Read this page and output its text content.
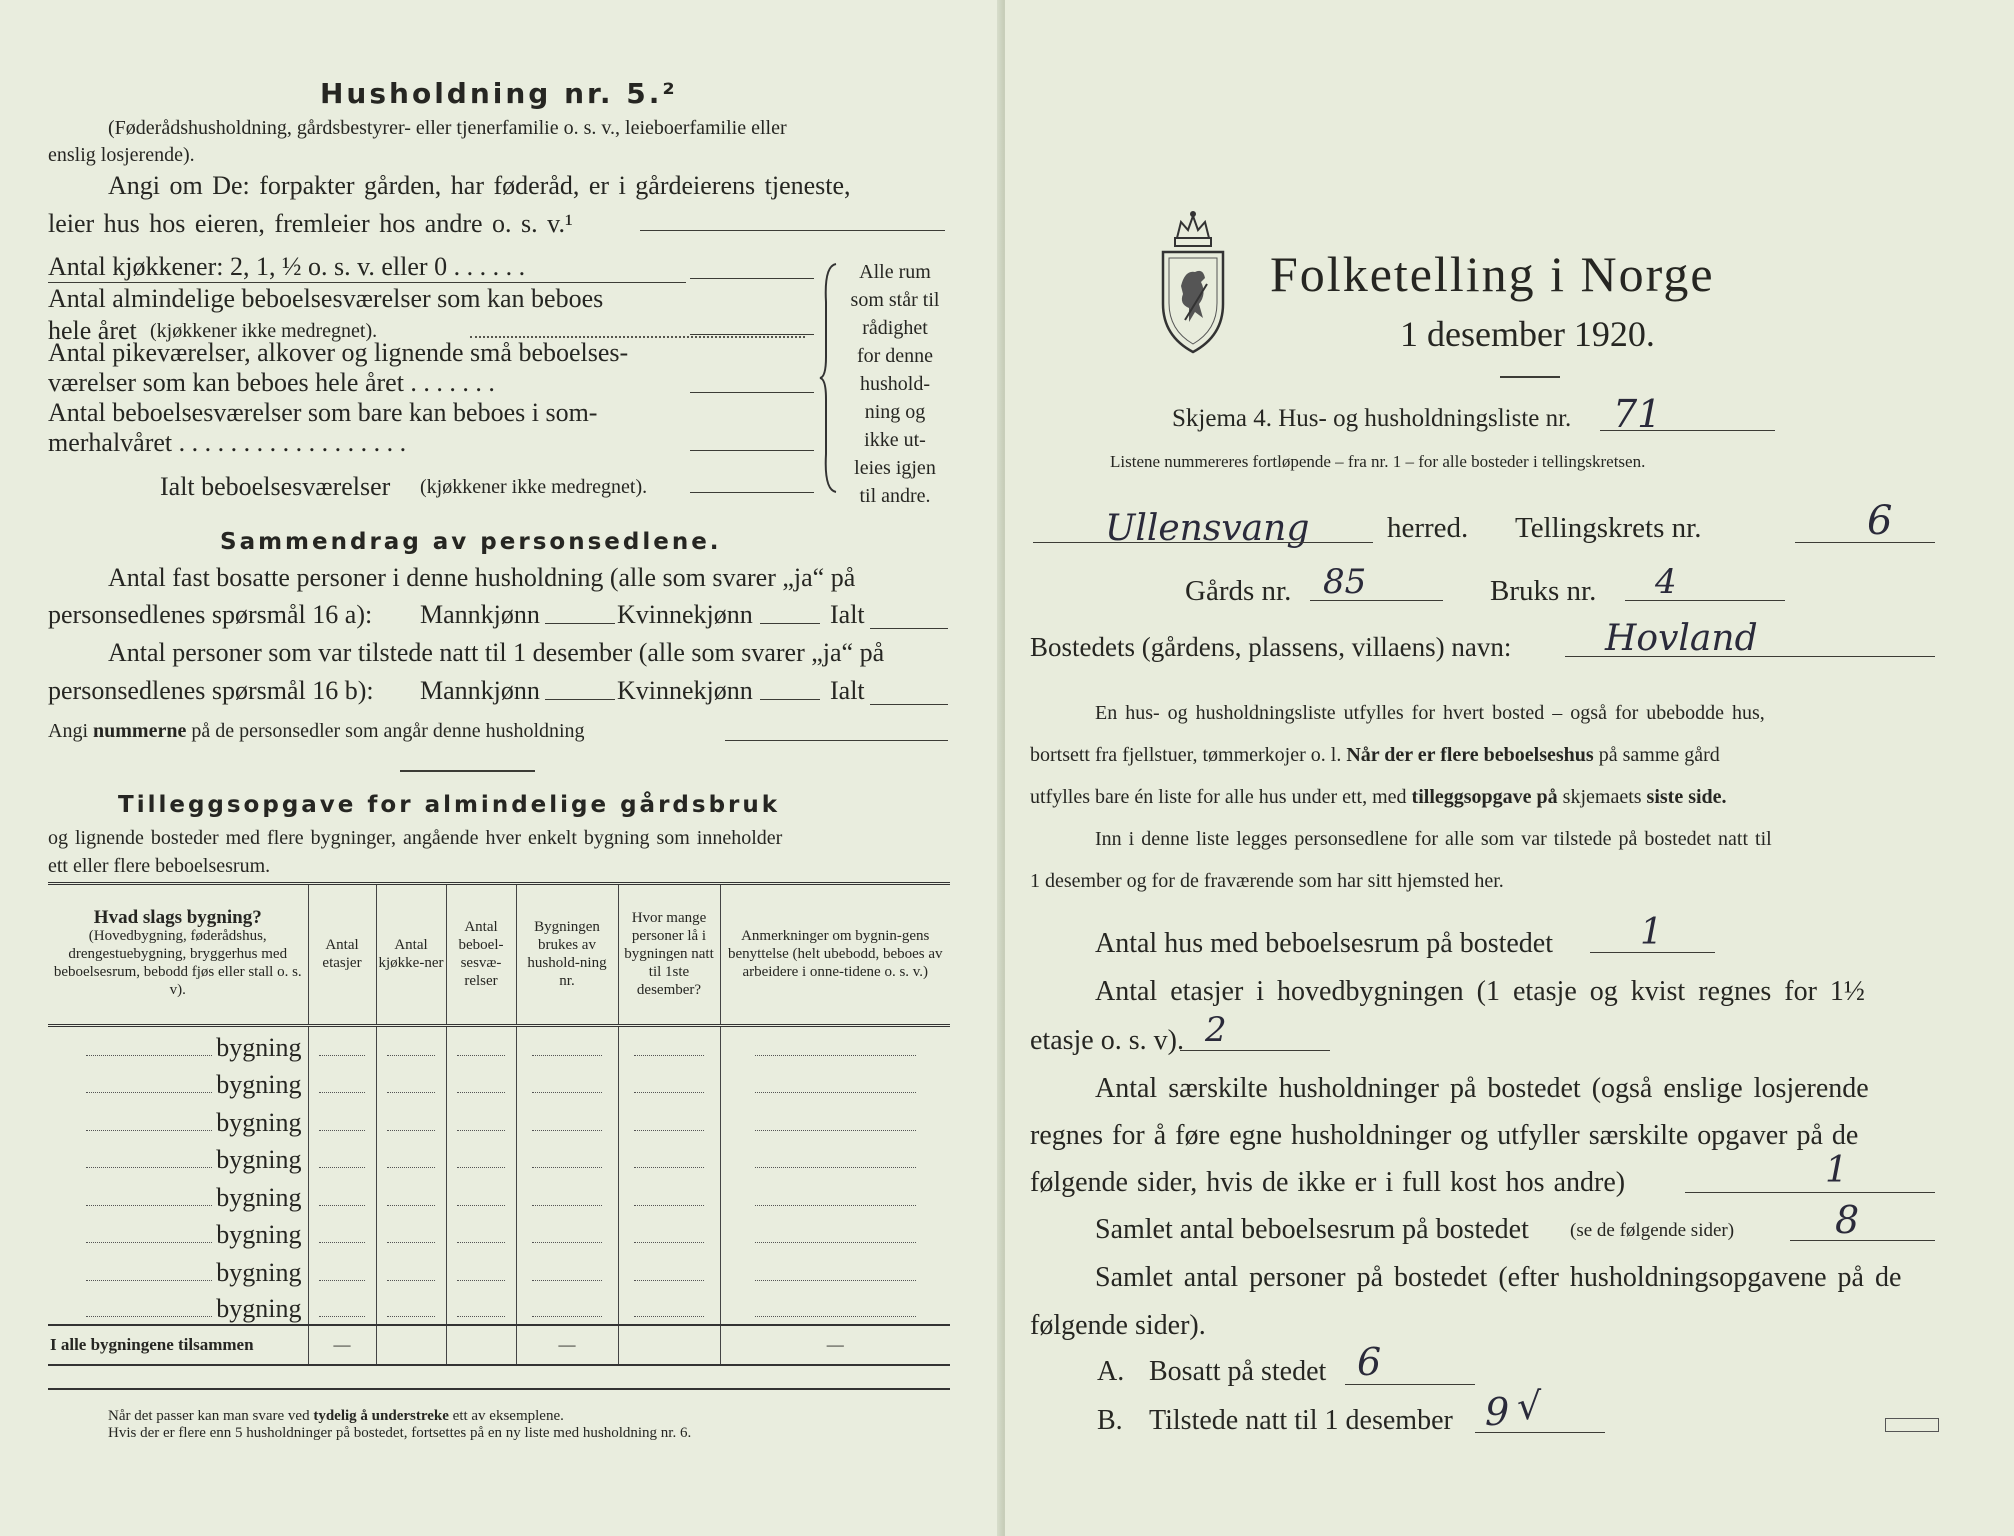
Husholdning nr. 5.²
(Føderådshusholdning, gårdsbestyrer- eller tjenerfamilie o. s. v., leieboerfamilie eller
enslig losjerende).
Angi om De: forpakter gården, har føderåd, er i gårdeierens tjeneste,
leier hus hos eieren, fremleier hos andre o. s. v.¹
Antal kjøkkener: 2, 1, ½ o. s. v. eller 0 . . . . . .
Antal almindelige beboelsesværelser som kan beboes
hele året (kjøkkener ikke medregnet).
Antal pikeværelser, alkover og lignende små beboelses-
værelser som kan beboes hele året . . . . . . .
Antal beboelsesværelser som bare kan beboes i som-
merhalvåret . . . . . . . . . . . . . . . . . .
Ialt beboelsesværelser (kjøkkener ikke medregnet).
Alle rum
som står til
rådighet
for denne
hushold-
ning og
ikke ut-
leies igjen
til andre.
Sammendrag av personsedlene.
Antal fast bosatte personer i denne husholdning (alle som svarer „ja“ på
personsedlenes spørsmål 16 a): Mannkjønn	Kvinnekjønn	Ialt
Antal personer som var tilstede natt til 1 desember (alle som svarer „ja“ på
personsedlenes spørsmål 16 b): Mannkjønn	Kvinnekjønn	Ialt
Angi nummerne på de personsedler som angår denne husholdning
Tilleggsopgave for almindelige gårdsbruk
og lignende bosteder med flere bygninger, angående hver enkelt bygning som inneholder
ett eller flere beboelsesrum.
Hvad slags bygning?
(Hovedbygning, føderådshus, drengestuebygning, bryggerhus med beboelsesrum, bebodd fjøs eller stall o. s. v).	Antal etasjer	Antal kjøkke-ner	Antal beboel-sesvæ-relser	Bygningen brukes av hushold-ning nr.	Hvor mange personer lå i bygningen natt til 1ste desember?	Anmerkninger om bygnin-gens benyttelse (helt ubebodd, beboes av arbeidere i onne-tidene o. s. v.)
bygning						
bygning						
bygning						
bygning						
bygning						
bygning						
bygning						
bygning						
I alle bygningene tilsammen	—			—		—
Når det passer kan man svare ved tydelig å understreke ett av eksemplene.
Hvis der er flere enn 5 husholdninger på bostedet, fortsettes på en ny liste med husholdning nr. 6.
Folketelling i Norge
1 desember 1920.
Skjema 4. Hus- og husholdningsliste nr. 71
Listene nummereres fortløpende – fra nr. 1 – for alle bosteder i tellingskretsen.
Ullensvang	herred. Tellingskrets nr.	6
Gårds nr. 85	Bruks nr. 4
Bostedets (gårdens, plassens, villaens) navn:	Hovland
En hus- og husholdningsliste utfylles for hvert bosted – også for ubebodde hus,
bortsett fra fjellstuer, tømmerkojer o. l. Når der er flere beboelseshus på samme gård
utfylles bare én liste for alle hus under ett, med tilleggsopgave på skjemaets siste side.
Inn i denne liste legges personsedlene for alle som var tilstede på bostedet natt til
1 desember og for de fraværende som har sitt hjemsted her.
Antal hus med beboelsesrum på bostedet 1
Antal etasjer i hovedbygningen (1 etasje og kvist regnes for 1½
etasje o. s. v). 2
Antal særskilte husholdninger på bostedet (også enslige losjerende
regnes for å føre egne husholdninger og utfyller særskilte opgaver på de
følgende sider, hvis de ikke er i full kost hos andre)	1
Samlet antal beboelsesrum på bostedet (se de følgende sider)	8
Samlet antal personer på bostedet (efter husholdningsopgavene på de
følgende sider).
A. Bosatt på stedet 6
B. Tilstede natt til 1 desember 9 √
